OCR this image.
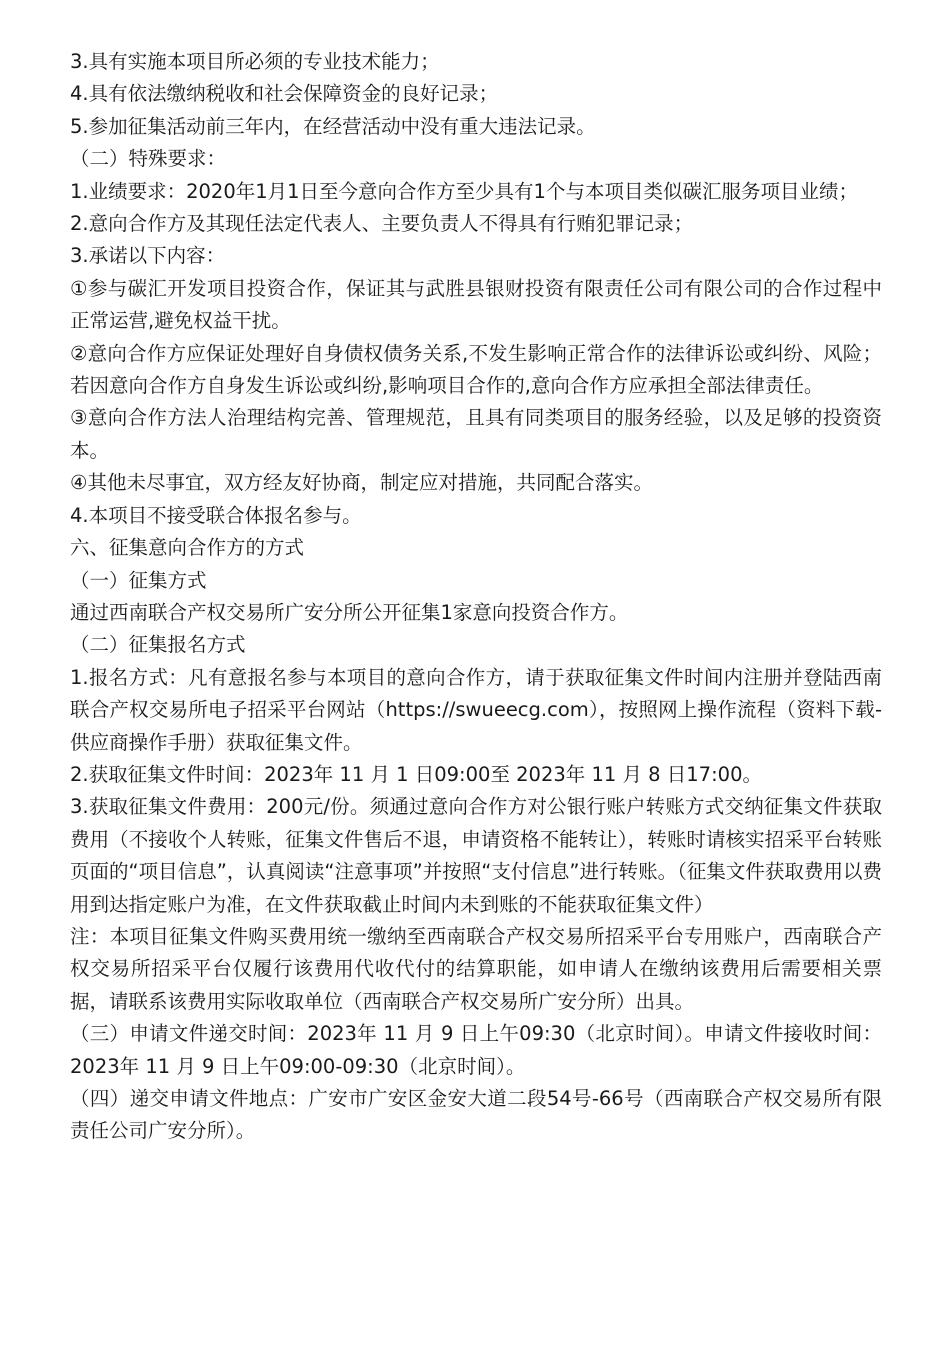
3.具有实施本项目所必须的专业技术能力；

4.具有依法缴纳税收和社会保障资金的良好记录；

5.参加征集活动前三年内，在经营活动中没有重大违法记录。

（二）特殊要求：

1.业绩要求：2020年1月1日至今意向合作方至少具有1个与本项目类似碳汇服务项目业绩；

2.意向合作方及其现任法定代表人、主要负责人不得具有行贿犯罪记录；

3.承诺以下内容：

①参与碳汇开发项目投资合作，保证其与武胜县银财投资有限责任公司有限公司的合作过程中正常运营,避免权益干扰。

②意向合作方应保证处理好自身债权债务关系,不发生影响正常合作的法律诉讼或纠纷、风险；若因意向合作方自身发生诉讼或纠纷,影响项目合作的,意向合作方应承担全部法律责任。

③意向合作方法人治理结构完善、管理规范，且具有同类项目的服务经验，以及足够的投资资本。

④其他未尽事宜，双方经友好协商，制定应对措施，共同配合落实。

4.本项目不接受联合体报名参与。

六、征集意向合作方的方式

（一）征集方式

通过西南联合产权交易所广安分所公开征集1家意向投资合作方。

（二）征集报名方式

1.报名方式：凡有意报名参与本项目的意向合作方，请于获取征集文件时间内注册并登陆西南联合产权交易所电子招采平台网站（https://swueecg.com），按照网上操作流程（资料下载-供应商操作手册）获取征集文件。

2.获取征集文件时间：2023年 11 月 1 日09:00至 2023年 11 月 8 日17:00。

3.获取征集文件费用：200元/份。须通过意向合作方对公银行账户转账方式交纳征集文件获取费用（不接收个人转账，征集文件售后不退，申请资格不能转让），转账时请核实招采平台转账页面的“项目信息”，认真阅读“注意事项”并按照“支付信息”进行转账。（征集文件获取费用以费用到达指定账户为准，在文件获取截止时间内未到账的不能获取征集文件）

注：本项目征集文件购买费用统一缴纳至西南联合产权交易所招采平台专用账户，西南联合产权交易所招采平台仅履行该费用代收代付的结算职能，如申请人在缴纳该费用后需要相关票据，请联系该费用实际收取单位（西南联合产权交易所广安分所）出具。

（三）申请文件递交时间：2023年 11 月 9 日上午09:30（北京时间）。申请文件接收时间：2023年 11 月 9 日上午09:00-09:30（北京时间）。

（四）递交申请文件地点：广安市广安区金安大道二段54号-66号（西南联合产权交易所有限责任公司广安分所）。
